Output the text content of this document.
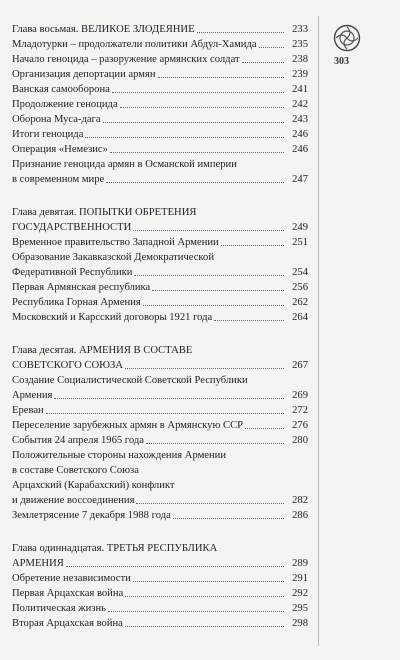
303
Глава восьмая. ВЕЛИКОЕ ЗЛОДЕЯНИЕ	233
Младотурки – продолжатели политики Абдул-Хамида	235
Начало геноцида – разоружение армянских солдат	238
Организация депортации армян	239
Ванская самооборона	241
Продолжение геноцида	242
Оборона Муса-дага	243
Итоги геноцида	246
Операция «Немезис»	246
Признание геноцида армян в Османской империи
в современном мире	247
Глава девятая. ПОПЫТКИ ОБРЕТЕНИЯ
ГОСУДАРСТВЕННОСТИ	249
Временное правительство Западной Армении	251
Образование Закавказской Демократической
Федеративной Республики	254
Первая Армянская республика	256
Республика Горная Армения	262
Московский и Карсский договоры 1921 года	264
Глава десятая. АРМЕНИЯ В СОСТАВЕ
СОВЕТСКОГО СОЮЗА	267
Создание Социалистической Советской Республики
Армения	269
Ереван	272
Переселение зарубежных армян в Армянскую ССР	276
События 24 апреля 1965 года	280
Положительные стороны нахождения Армении
в составе Советского Союза
Арцахский (Карабахский) конфликт
и движение воссоединения	282
Землетрясение 7 декабря 1988 года	286
Глава одиннадцатая. ТРЕТЬЯ РЕСПУБЛИКА
АРМЕНИЯ	289
Обретение независимости	291
Первая Арцахская война	292
Политическая жизнь	295
Вторая Арцахская война	298
